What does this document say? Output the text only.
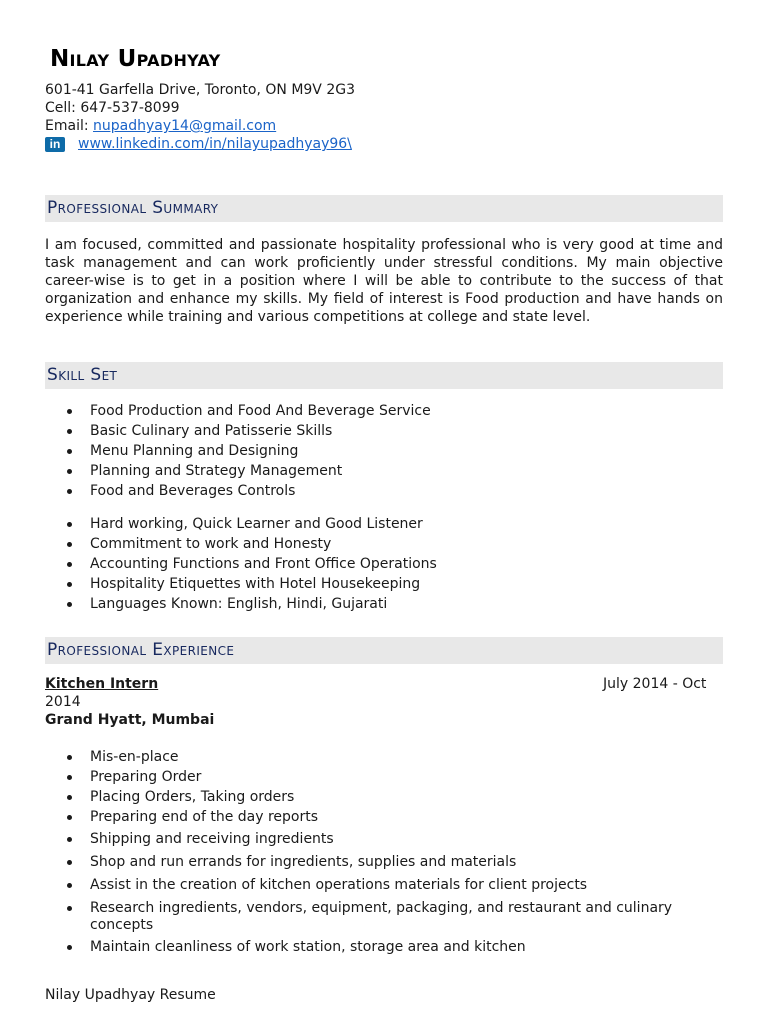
Nilay Upadhyay
601-41 Garfella Drive, Toronto, ON M9V 2G3
Cell: 647-537-8099
Email: nupadhyay14@gmail.com
in	www.linkedin.com/in/nilayupadhyay96\
Professional Summary

I am focused, committed and passionate hospitality professional who is very good at time and task management and can work proficiently under stressful conditions. My main objective career-wise is to get in a position where I will be able to contribute to the success of that organization and enhance my skills. My field of interest is Food production and have hands on experience while training and various competitions at college and state level.

Skill Set
Food Production and Food And Beverage Service
Basic Culinary and Patisserie Skills
Menu Planning and Designing
Planning and Strategy Management
Food and Beverages Controls
Hard working, Quick Learner and Good Listener
Commitment to work and Honesty
Accounting Functions and Front Office Operations
Hospitality Etiquettes with Hotel Housekeeping
Languages Known: English, Hindi, Gujarati
Professional Experience
Kitchen Intern	July 2014 - Oct
2014
Grand Hyatt, Mumbai
Mis-en-place
Preparing Order
Placing Orders, Taking orders
Preparing end of the day reports
Shipping and receiving ingredients
Shop and run errands for ingredients, supplies and materials
Assist in the creation of kitchen operations materials for client projects
Research ingredients, vendors, equipment, packaging, and restaurant and culinary concepts
Maintain cleanliness of work station, storage area and kitchen
Nilay Upadhyay Resume
